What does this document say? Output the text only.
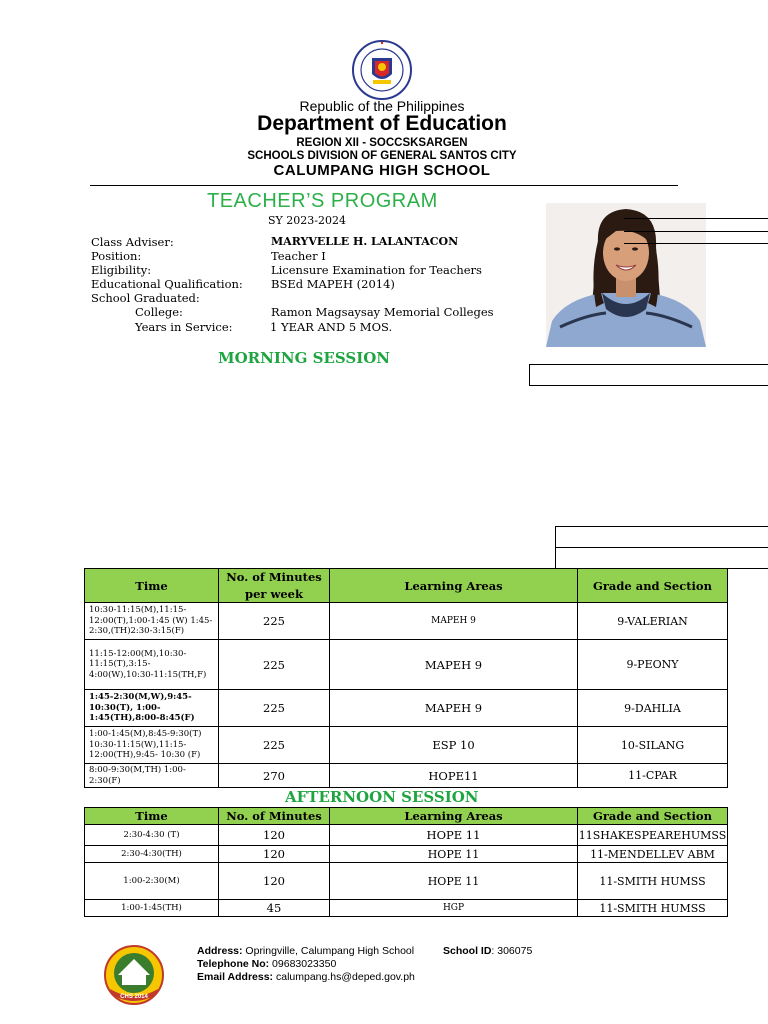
Republic of the Philippines
Department of Education
REGION XII - SOCCSKSARGEN
SCHOOLS DIVISION OF GENERAL SANTOS CITY
CALUMPANG HIGH SCHOOL
TEACHER’S PROGRAM
SY 2023-2024
Class Adviser:	MARYVELLE H. LALANTACON
Position:	Teacher I
Eligibility:	Licensure Examination for Teachers
Educational Qualification: BSEd MAPEH (2014)
School Graduated:
College:	Ramon Magsaysay Memorial Colleges
Years in Service:	1 YEAR AND 5 MOS.
MORNING SESSION
Time	No. of Minutes per week	Learning Areas	Grade and Section
10:30-11:15(M),11:15-12:00(T),1:00-1:45 (W) 1:45-2:30,(TH)2:30-3:15(F)	225	MAPEH 9	9-VALERIAN
11:15-12:00(M),10:30-11:15(T),3:15-4:00(W),10:30-11:15(TH,F)	225	MAPEH 9	9-PEONY
1:45-2:30(M,W),9:45-10:30(T), 1:00-1:45(TH),8:00-8:45(F)	225	MAPEH 9	9-DAHLIA
1:00-1:45(M),8:45-9:30(T) 10:30-11:15(W),11:15-12:00(TH),9:45- 10:30 (F)	225	ESP 10	10-SILANG
8:00-9:30(M,TH) 1:00-2:30(F)	270	HOPE11	11-CPAR
AFTERNOON SESSION
Time	No. of Minutes	Learning Areas	Grade and Section
2:30-4:30 (T)	120	HOPE 11	11SHAKESPEAREHUMSS
2:30-4:30(TH)	120	HOPE 11	11-MENDELLEV ABM
1:00-2:30(M)	120	HOPE 11	11-SMITH HUMSS
1:00-1:45(TH)	45	HGP	11-SMITH HUMSS
CHS 2014
Address: Opringville, Calumpang High School	School ID: 306075
Telephone No: 09683023350
Email Address: calumpang.hs@deped.gov.ph
